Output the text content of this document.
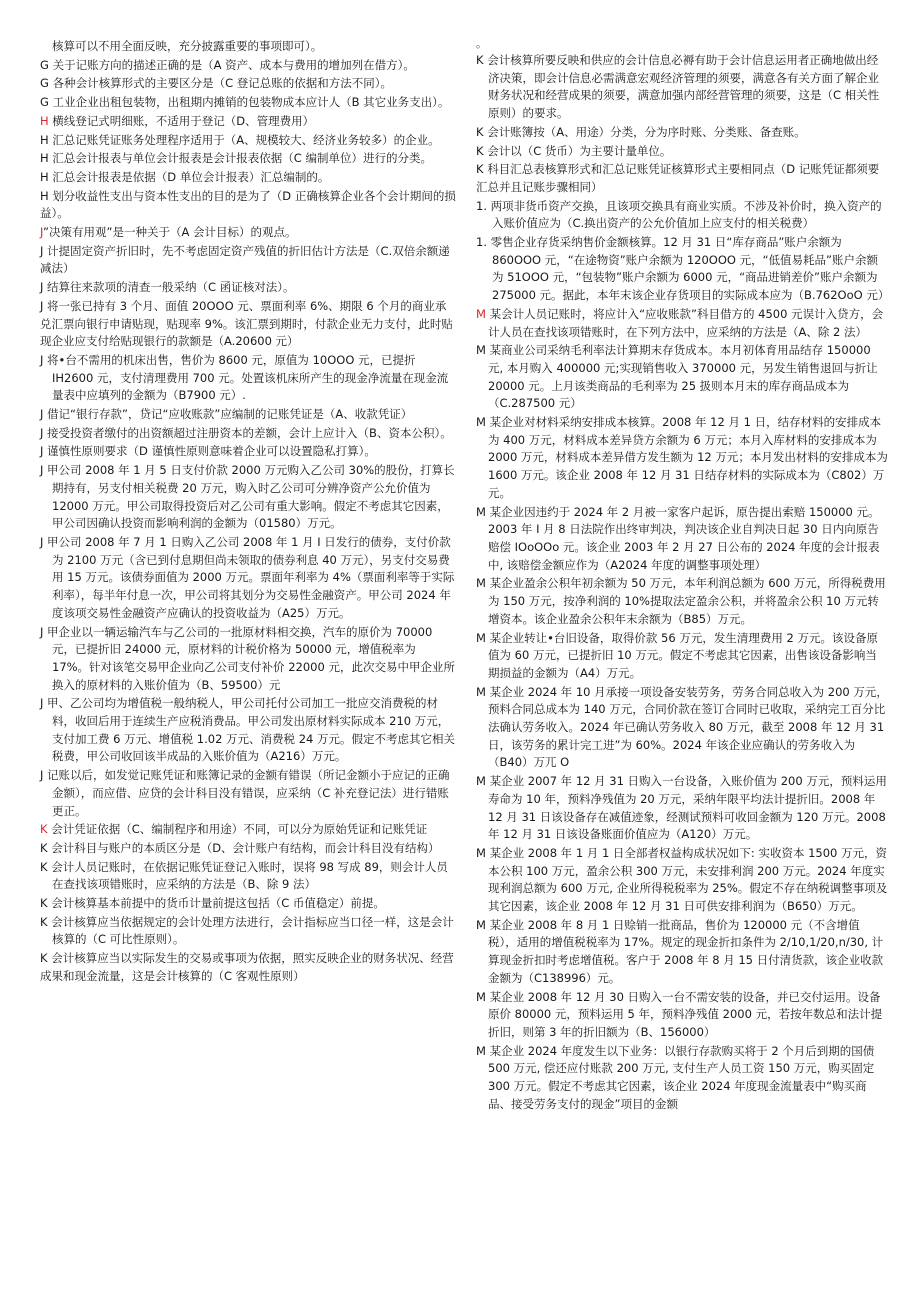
核算可以不用全面反映，充分披露重要的事项即可）。
G 关于记账方向的描述正确的是（A 资产、成本与费用的增加列在借方）。
G 各种会计核算形式的主要区分是（C 登记总账的依据和方法不同）。
G 工业企业出租包装物，出租期内摊销的包装物成本应计人（B 其它业务支出）。
H 横线登记式明细账，不适用于登记（D、管理费用）
H 汇总记账凭证账务处理程序适用于（A、规模较大、经济业务较多）的企业。
H 汇总会计报表与单位会计报表是会计报表依据（C 编制单位）进行的分类。
H 汇总会计报表是依据（D 单位会计报表）汇总编制的。
H 划分收益性支出与资本性支出的目的是为了（D 正确核算企业各个会计期间的损益）。
J”决策有用观”是一种关于（A 会计目标）的观点。
J 计提固定资产折旧时，先不考虑固定资产残值的折旧估计方法是（C.双倍余额递减法）
J 结算往来款项的清查一般采纳（C 函证核对法）。
J 将一张已持有 3 个月、面值 20OOO 元、票面利率 6%、期限 6 个月的商业承兑汇票向银行申请贴现，贴现率 9%。该汇票到期时，付款企业无力支付，此时贴现企业应支付给贴现银行的款额是（A.20600 元）
J 将•台不需用的机床出售，售价为 8600 元，原值为 10OOO 元，已提折 IH2600 元，支付清理费用 700 元。处置该机床所产生的现金净流量在现金流量表中应填列的金额为（B7900 元）.
J 借记“银行存款”，贷记“应收账款”应编制的记账凭证是（A、收款凭证）
J 接受投资者缴付的出资额超过注册资本的差额，会计上应计入（B、资本公积）。
J 谨慎性原则要求（D 谨慎性原则意味着企业可以设置隐私打算）。
J 甲公司 2008 年 1 月 5 日支付价款 2000 万元购入乙公司 30%的股份，打算长期持有，另支付相关税费 20 万元，购入时乙公司可分辨净资产公允价值为 12000 万元。甲公司取得投资后对乙公司有重大影响。假定不考虑其它因素，甲公司因确认投资而影响利润的金额为（01580）万元。
J 甲公司 2008 年 7 月 1 日购入乙公司 2008 年 1 月 I 日发行的债券，支付价款为 2100 万元（含已到付息期但尚未领取的债券利息 40 万元），另支付交易费用 15 万元。该债券面值为 2000 万元。票面年利率为 4%（票面利率等于实际利率），每半年付息一次，甲公司将其划分为交易性金融资产。甲公司 2024 年度该项交易性金融资产应确认的投资收益为（A25）万元。
J 甲企业以一辆运输汽车与乙公司的一批原材料相交换，汽车的原价为 70000 元，已提折旧 24000 元，原材料的计税价格为 50000 元，增值税率为 17%。针对该笔交易甲企业向乙公司支付补价 22000 元，此次交易中甲企业所换入的原材料的入账价值为（B、59500）元
J 甲、乙公司均为增值税一般纳税人，甲公司托付公司加工一批应交消费税的材料，收回后用于连续生产应税消费品。甲公司发出原材料实际成本 210 万元，支付加工费 6 万元、增值税 1.02 万元、消费税 24 万元。假定不考虑其它相关税费，甲公司收回该半成品的入账价值为（A216）万元。
J 记账以后，如发觉记账凭证和账簿记录的金额有错误（所记金额小于应记的正确金额），而应借、应贷的会计科目没有错误，应采纳（C 补充登记法）进行错账更正。
K 会计凭证依据（C、编制程序和用途）不同，可以分为原始凭证和记账凭证
K 会计科目与账户的本质区分是（D、会计账户有结构，而会计科目没有结构）
K 会计人员记账时，在依据记账凭证登记入账时，误将 98 写成 89，则会计人员在查找该项错账时，应采纳的方法是（B、除 9 法）
K 会计核算基本前提中的货币计量前提这包括（C 币值稳定）前提。
K 会计核算应当依据规定的会计处理方法进行，会计指标应当口径一样，这是会计核算的（C 可比性原则）。
K 会计核算应当以实际发生的交易或事项为依据，照实反映企业的财务状况、经营成果和现金流量，这是会计核算的（C 客观性原则）
。
K 会计核算所要反映和供应的会计信息必褥有助于会计信息运用者正确地做出经济决策，即会计信息必需满意宏观经济管理的须要，满意各有关方面了解企业财务状况和经营成果的须要，满意加强内部经营管理的须要，这是（C 相关性原则）的要求。
K 会计账簿按（A、用途）分类，分为序时账、分类账、备查账。
K 会计以（C 货币）为主要计量单位。
K 科目汇总表核算形式和汇总记账凭证核算形式主要相同点（D 记账凭证都须要汇总并且记账步骤相同）
1. 两项非货币资产交换，且该项交换具有商业实质。不涉及补价时，换入资产的入账价值应为（C.换出资产的公允价值加上应支付的相关税费）
1. 零售企业存货采纳售价金额核算。12 月 31 日“库存商品”账户余额为 860OOO 元，“在途物资”账户余额为 120OOO 元，“低值易耗品”账户余额为 51OOO 元，“包装物”账户余额为 6000 元，“商品进销差价”账户余额为 275000 元。据此，本年末该企业存货项目的实际成本应为（B.762OoO 元）
M 某会计人员记账时，将应计入“应收账款”科目借方的 4500 元误计入贷方，会计人员在查找该项错账时，在下列方法中，应采纳的方法是（A、除 2 法）
M 某商业公司采纳毛利率法计算期末存货成本。本月初体育用品结存 150000 元, 本月购入 400000 元;实现销售收入 370000 元，另发生销售退回与折让 20000 元。上月该类商品的毛利率为 25 扱则本月末的库存商品成本为（C.287500 元）
M 某企业对材料采纳安排成本核算。2008 年 12 月 1 日，结存材料的安排成本为 400 万元，材料成本差异贷方余额为 6 万元；本月入库材料的安排成本为 2000 万元，材料成本差异借方发生额为 12 万元；本月发出材料的安排成本为 1600 万元。该企业 2008 年 12 月 31 日结存材料的实际成本为（C802）万元。
M 某企业因违约于 2024 年 2 月被一家客户起诉，原告提出索赔 150000 元。2003 年 I 月 8 日法院作出终审判决，判决该企业自判决日起 30 日内向原告赔偿 IOoOOo 元。该企业 2003 年 2 月 27 日公布的 2024 年度的会计报表中, 该赔偿金额应作为（A2024 年度的调整事项处理）
M 某企业盈余公积年初余额为 50 万元，本年利润总额为 600 万元，所得税费用为 150 万元，按净利润的 10%提取法定盈余公积，并将盈余公积 10 万元转增资本。该企业盈余公积年末余额为（B85）万元。
M 某企业转让•台旧设备，取得价款 56 万元，发生清理费用 2 万元。该设备原值为 60 万元，已提折旧 10 万元。假定不考虑其它因素，出售该设备影响当期损益的金额为（A4）万元。
M 某企业 2024 年 10 月承接一项设备安装劳务，劳务合同总收入为 200 万元，预料合同总成本为 140 万元，合同价款在签订合同时已收取，采纳完工百分比法确认劳务收入。2024 年已确认劳务收入 80 万元，截至 2008 年 12 月 31 日，该劳务的累计完工进”为 60%。2024 年该企业应确认的劳务收入为（B40）万兀 O
M 某企业 2007 年 12 月 31 日购入一台设备，入账价值为 200 万元，预料运用寿命为 10 年，预料净残值为 20 万元，采纳年限平均法计提折旧。2008 年 12 月 31 日该设备存在减值迹象，经测试预料可收回金额为 120 万元。2008 年 12 月 31 日该设备账面价值应为（A120）万元。
M 某企业 2008 年 1 月 1 日全部者权益构成状况如下: 实收资本 1500 万元，资本公积 100 万元，盈余公积 300 万元，未安排利润 200 万元。2024 年度实现利润总额为 600 万元, 企业所得税税率为 25%。假定不存在纳税调整事项及其它因素，该企业 2008 年 12 月 31 日可供安排利润为（B650）万元。
M 某企业 2008 年 8 月 1 日赊销一批商品，售价为 120000 元（不含增值税），适用的增值税税率为 17%。规定的现金折扣条件为 2/10,1/20,n/30, 计算现金折扣时考虑增值税。客户于 2008 年 8 月 15 日付清货款，该企业收款金额为（C138996）元。
M 某企业 2008 年 12 月 30 日购入一台不需安装的设备，并已交付运用。设备原价 80000 元，预料运用 5 年，预料净残值 2000 元，若按年数总和法计提折旧，则第 3 年的折旧额为（B、156000）
M 某企业 2024 年度发生以下业务：以银行存款购买将于 2 个月后到期的国债 500 万元, 偿还应付账款 200 万元, 支付生产人员工资 150 万元，购买固定 300 万元。假定不考虑其它因素，该企业 2024 年度现金流量表中“购买商品、接受劳务支付的现金”项目的金额
